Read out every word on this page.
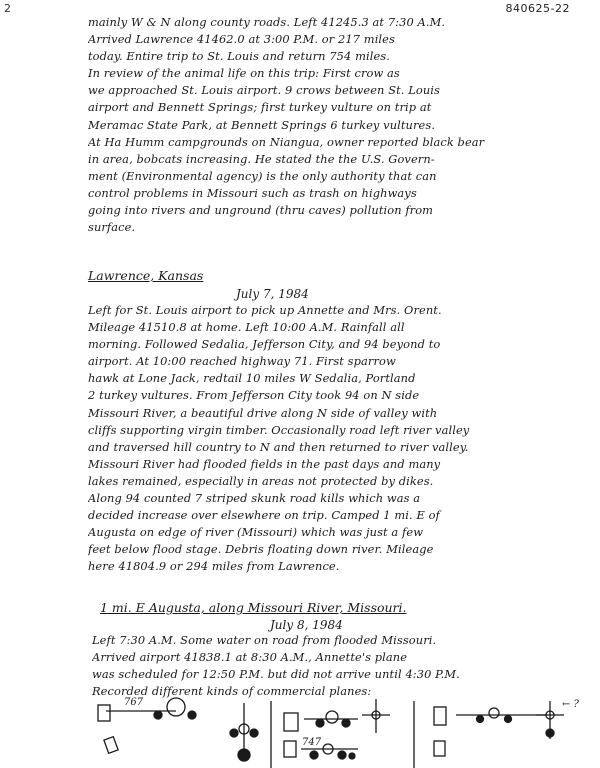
2	840625-22
mainly W & N along county roads. Left 41245.3 at 7:30 A.M.
Arrived Lawrence 41462.0 at 3:00 P.M. or 217 miles
today. Entire trip to St. Louis and return 754 miles.
In review of the animal life on this trip: First crow as
we approached St. Louis airport. 9 crows between St. Louis
airport and Bennett Springs; first turkey vulture on trip at
Meramac State Park, at Bennett Springs 6 turkey vultures.
At Ha Humm campgrounds on Niangua, owner reported black bear
in area, bobcats increasing. He stated the the U.S. Govern-
ment (Environmental agency) is the only authority that can
control problems in Missouri such as trash on highways
going into rivers and unground (thru caves) pollution from
surface.
Lawrence, Kansas
July 7, 1984
Left for St. Louis airport to pick up Annette and Mrs. Orent.
Mileage 41510.8 at home. Left 10:00 A.M. Rainfall all
morning. Followed Sedalia, Jefferson City, and 94 beyond to
airport. At 10:00 reached highway 71. First sparrow
hawk at Lone Jack, redtail 10 miles W Sedalia, Portland
2 turkey vultures. From Jefferson City took 94 on N side
Missouri River, a beautiful drive along N side of valley with
cliffs supporting virgin timber. Occasionally road left river valley
and traversed hill country to N and then returned to river valley.
Missouri River had flooded fields in the past days and many
lakes remained, especially in areas not protected by dikes.
Along 94 counted 7 striped skunk road kills which was a
decided increase over elsewhere on trip. Camped 1 mi. E of
Augusta on edge of river (Missouri) which was just a few
feet below flood stage. Debris floating down river. Mileage
here 41804.9 or 294 miles from Lawrence.
1 mi. E Augusta, along Missouri River, Missouri.
July 8, 1984
Left 7:30 A.M. Some water on road from flooded Missouri.
Arrived airport 41838.1 at 8:30 A.M., Annette's plane
was scheduled for 12:50 P.M. but did not arrive until 4:30 P.M.
Recorded different kinds of commercial planes:
767
747
← ?
